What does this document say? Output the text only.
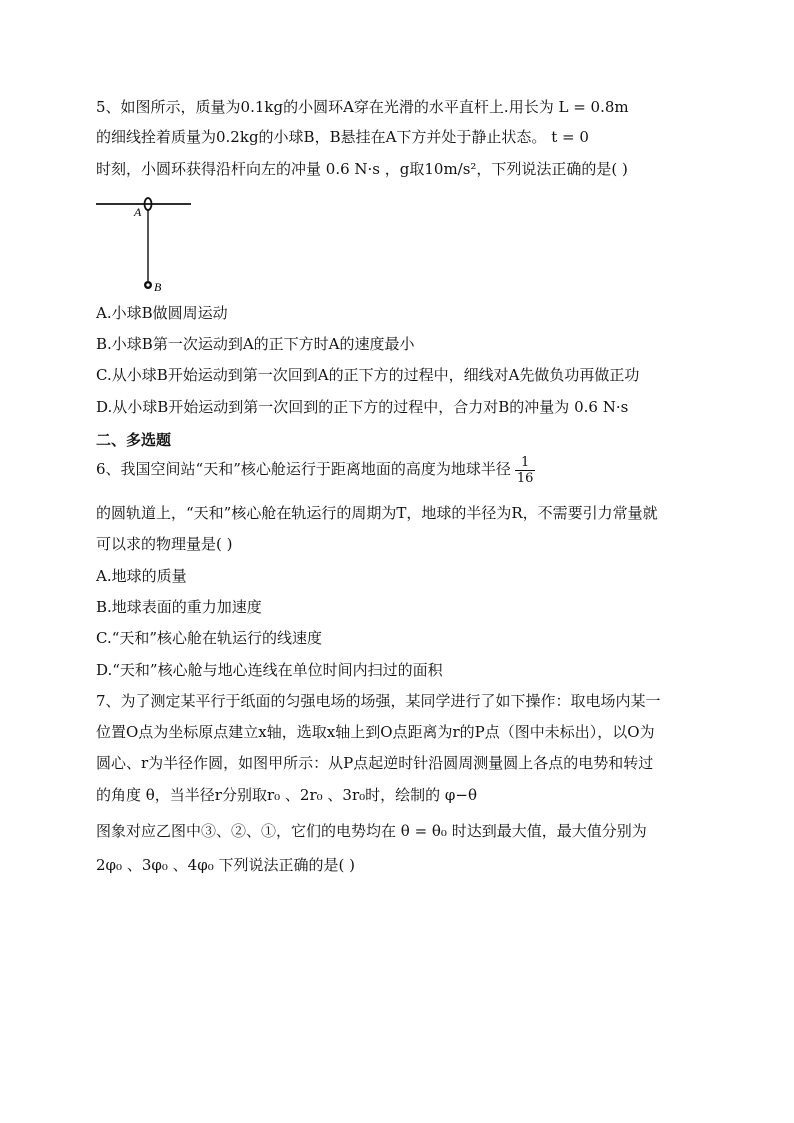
5、如图所示，质量为0.1kg的小圆环A穿在光滑的水平直杆上.用长为 L = 0.8m
的细线拴着质量为0.2kg的小球B，B悬挂在A下方并处于静止状态。 t = 0
时刻，小圆环获得沿杆向左的冲量 0.6 N·s ，g取10m/s²，下列说法正确的是( )
A
B
A.小球B做圆周运动
B.小球B第一次运动到A的正下方时A的速度最小
C.从小球B开始运动到第一次回到A的正下方的过程中，细线对A先做负功再做正功
D.从小球B开始运动到第一次回到的正下方的过程中，合力对B的冲量为 0.6 N·s
二、多选题
6、我国空间站“天和”核心舱运行于距离地面的高度为地球半径 $\frac{1}{16}$
的圆轨道上，“天和”核心舱在轨运行的周期为T，地球的半径为R，不需要引力常量就
可以求的物理量是( )
A.地球的质量
B.地球表面的重力加速度
C.“天和”核心舱在轨运行的线速度
D.“天和”核心舱与地心连线在单位时间内扫过的面积
7、为了测定某平行于纸面的匀强电场的场强，某同学进行了如下操作：取电场内某一
位置O点为坐标原点建立x轴，选取x轴上到O点距离为r的P点（图中未标出），以O为
圆心、r为半径作圆，如图甲所示：从P点起逆时针沿圆周测量圆上各点的电势和转过
的角度 θ，当半径r分别取r₀ 、2r₀ 、3r₀时，绘制的 φ−θ
图象对应乙图中③、②、①，它们的电势均在 θ = θ₀ 时达到最大值，最大值分别为
2φ₀ 、3φ₀ 、4φ₀ 下列说法正确的是( )
